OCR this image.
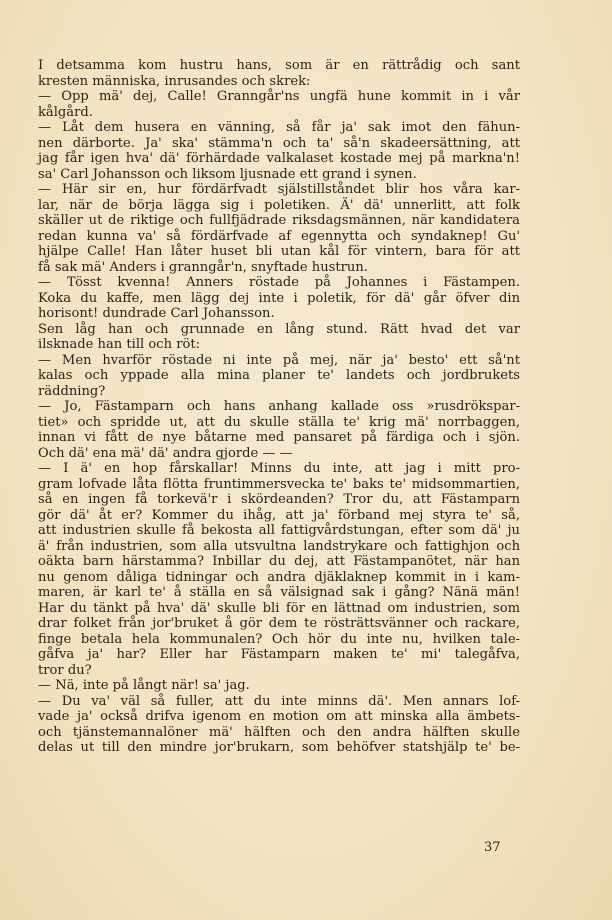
I detsamma kom hustru hans, som är en rättrådig och sant
kresten människa, inrusandes och skrek:
— Opp mä' dej, Calle! Granngår'ns ungfä hune kommit in i vår
kålgård.
— Låt dem husera en vänning, så får ja' sak imot den fähun-
nen därborte. Ja' ska' stämma'n och ta' så'n skadeersättning, att
jag får igen hva' dä' förhärdade valkalaset kostade mej på markna'n!
sa' Carl Johansson och liksom ljusnade ett grand i synen.
— Här sir en, hur fördärfvadt själstillståndet blir hos våra kar-
lar, när de börja lägga sig i poletiken. Ä' dä' unnerlitt, att folk
skäller ut de riktige och fullfjädrade riksdagsmännen, när kandidatera
redan kunna va' så fördärfvade af egennytta och syndaknep! Gu'
hjälpe Calle! Han låter huset bli utan kål för vintern, bara för att
få sak mä' Anders i granngår'n, snyftade hustrun.
— Tösst kvenna! Anners röstade på Johannes i Fästampen.
Koka du kaffe, men lägg dej inte i poletik, för dä' går öfver din
horisont! dundrade Carl Johansson.
Sen låg han och grunnade en lång stund. Rätt hvad det var
ilsknade han till och röt:
— Men hvarför röstade ni inte på mej, när ja' besto' ett så'nt
kalas och yppade alla mina planer te' landets och jordbrukets
räddning?
— Jo, Fästamparn och hans anhang kallade oss »rusdrökspar-
tiet» och spridde ut, att du skulle ställa te' krig mä' norrbaggen,
innan vi fått de nye båtarne med pansaret på färdiga och i sjön.
Och dä' ena mä' dä' andra gjorde — —
— I ä' en hop fårskallar! Minns du inte, att jag i mitt pro-
gram lofvade låta flötta fruntimmersvecka te' baks te' midsommartien,
så en ingen få torkevä'r i skördeanden? Tror du, att Fästamparn
gör dä' åt er? Kommer du ihåg, att ja' förband mej styra te' så,
att industrien skulle få bekosta all fattigvårdstungan, efter som dä' ju
ä' från industrien, som alla utsvultna landstrykare och fattighjon och
oäkta barn härstamma? Inbillar du dej, att Fästampanötet, när han
nu genom dåliga tidningar och andra djäklaknep kommit in i kam-
maren, är karl te' å ställa en så välsignad sak i gång? Nänä män!
Har du tänkt på hva' dä' skulle bli för en lättnad om industrien, som
drar folket från jor'bruket å gör dem te rösträttsvänner och rackare,
finge betala hela kommunalen? Och hör du inte nu, hvilken tale-
gåfva ja' har? Eller har Fästamparn maken te' mi' talegåfva,
tror du?
— Nä, inte på långt när! sa' jag.
— Du va' väl så fuller, att du inte minns dä'. Men annars lof-
vade ja' också drifva igenom en motion om att minska alla ämbets-
och tjänstemannalöner mä' hälften och den andra hälften skulle
delas ut till den mindre jor'brukarn, som behöfver statshjälp te' be-
37
